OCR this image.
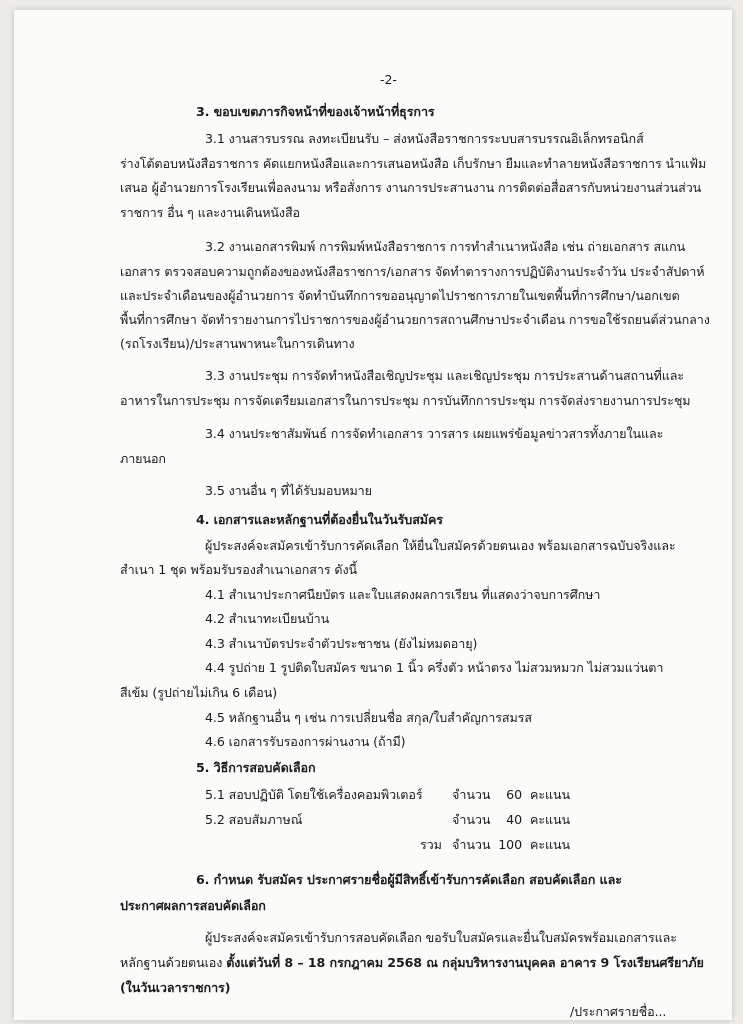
-2-
3. ขอบเขตภารกิจหน้าที่ของเจ้าหน้าที่ธุรการ
3.1 งานสารบรรณ ลงทะเบียนรับ – ส่งหนังสือราชการระบบสารบรรณอิเล็กทรอนิกส์
ร่างโต้ตอบหนังสือราชการ คัดแยกหนังสือและการเสนอหนังสือ เก็บรักษา ยืมและทำลายหนังสือราชการ นำแฟ้ม
เสนอ ผู้อำนวยการโรงเรียนเพื่อลงนาม หรือสั่งการ งานการประสานงาน การติดต่อสื่อสารกับหน่วยงานส่วนส่วน
ราชการ อื่น ๆ และงานเดินหนังสือ
3.2 งานเอกสารพิมพ์ การพิมพ์หนังสือราชการ การทำสำเนาหนังสือ เช่น ถ่ายเอกสาร สแกน
เอกสาร ตรวจสอบความถูกต้องของหนังสือราชการ/เอกสาร จัดทำตารางการปฏิบัติงานประจำวัน ประจำสัปดาห์
และประจำเดือนของผู้อำนวยการ จัดทำบันทึกการขออนุญาตไปราชการภายในเขตพื้นที่การศึกษา/นอกเขต
พื้นที่การศึกษา จัดทำรายงานการไปราชการของผู้อำนวยการสถานศึกษาประจำเดือน การขอใช้รถยนต์ส่วนกลาง
(รถโรงเรียน)/ประสานพาหนะในการเดินทาง
3.3 งานประชุม การจัดทำหนังสือเชิญประชุม และเชิญประชุม การประสานด้านสถานที่และ
อาหารในการประชุม การจัดเตรียมเอกสารในการประชุม การบันทึกการประชุม การจัดส่งรายงานการประชุม
3.4 งานประชาสัมพันธ์ การจัดทำเอกสาร วารสาร เผยแพร่ข้อมูลข่าวสารทั้งภายในและ
ภายนอก
3.5 งานอื่น ๆ ที่ได้รับมอบหมาย
4. เอกสารและหลักฐานที่ต้องยื่นในวันรับสมัคร
ผู้ประสงค์จะสมัครเข้ารับการคัดเลือก ให้ยื่นใบสมัครด้วยตนเอง พร้อมเอกสารฉบับจริงและ
สำเนา 1 ชุด พร้อมรับรองสำเนาเอกสาร ดังนี้
4.1 สำเนาประกาศนียบัตร และใบแสดงผลการเรียน ที่แสดงว่าจบการศึกษา
4.2 สำเนาทะเบียนบ้าน
4.3 สำเนาบัตรประจำตัวประชาชน (ยังไม่หมดอายุ)
4.4 รูปถ่าย 1 รูปติดใบสมัคร ขนาด 1 นิ้ว ครึ่งตัว หน้าตรง ไม่สวมหมวก ไม่สวมแว่นตา
สีเข้ม (รูปถ่ายไม่เกิน 6 เดือน)
4.5 หลักฐานอื่น ๆ เช่น การเปลี่ยนชื่อ สกุล/ใบสำคัญการสมรส
4.6 เอกสารรับรองการผ่านงาน (ถ้ามี)
5. วิธีการสอบคัดเลือก
5.1 สอบปฏิบัติ โดยใช้เครื่องคอมพิวเตอร์ จำนวน	60 คะแนน
5.2 สอบสัมภาษณ์	จำนวน	40 คะแนน
รวม จำนวน 100 คะแนน
6. กำหนด รับสมัคร ประกาศรายชื่อผู้มีสิทธิ์เข้ารับการคัดเลือก สอบคัดเลือก และ
ประกาศผลการสอบคัดเลือก
ผู้ประสงค์จะสมัครเข้ารับการสอบคัดเลือก ขอรับใบสมัครและยื่นใบสมัครพร้อมเอกสารและ
หลักฐานด้วยตนเอง ตั้งแต่วันที่ 8 – 18 กรกฎาคม 2568 ณ กลุ่มบริหารงานบุคคล อาคาร 9 โรงเรียนศรียาภัย
(ในวันเวลาราชการ)
/ประกาศรายชื่อ...
